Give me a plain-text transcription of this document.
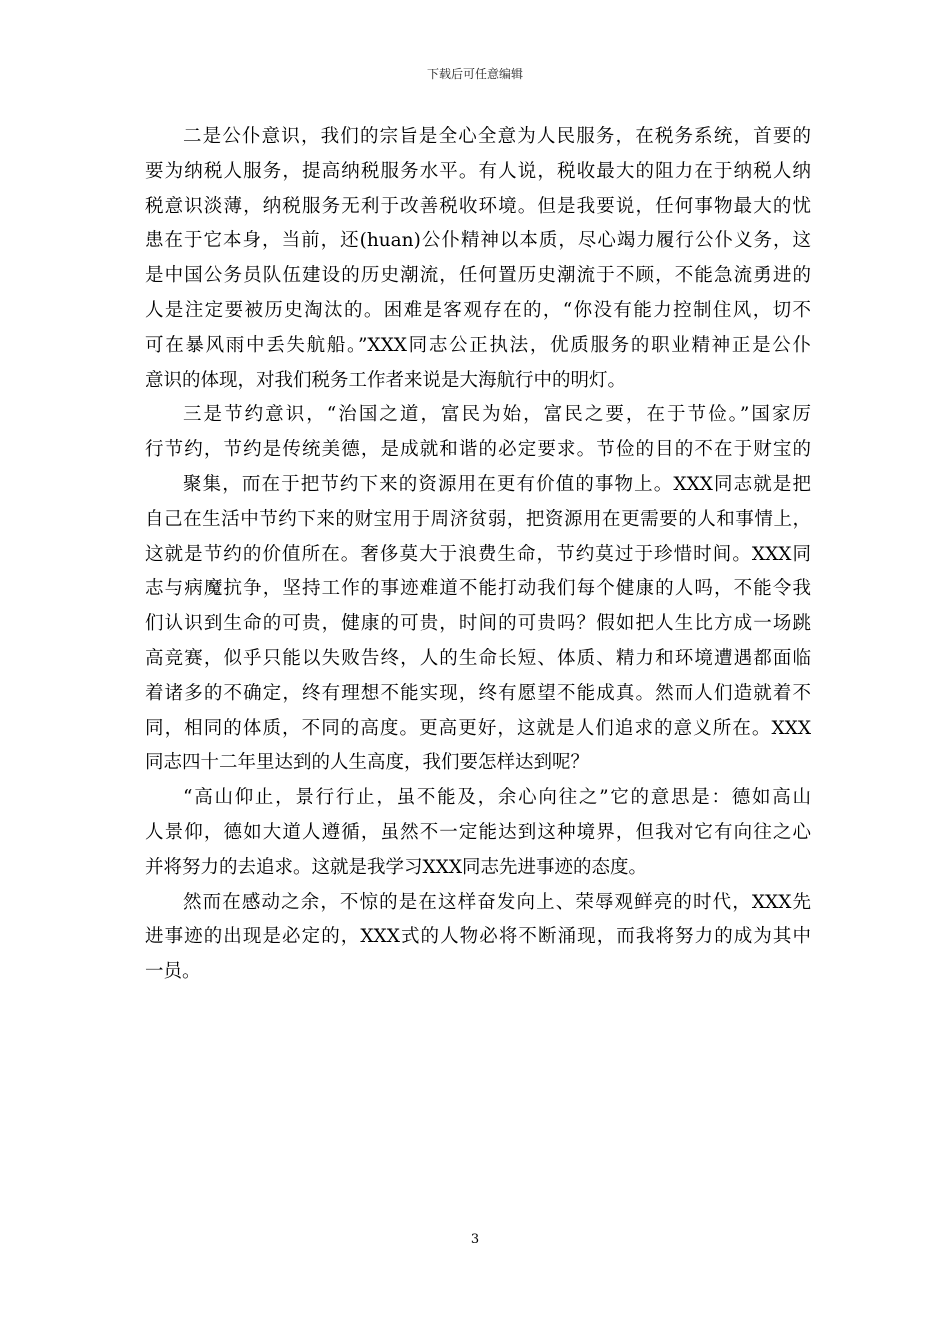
下载后可任意编辑
二是公仆意识，我们的宗旨是全心全意为人民服务，在税务系统，首要的
要为纳税人服务，提高纳税服务水平。有人说，税收最大的阻力在于纳税人纳
税意识淡薄，纳税服务无利于改善税收环境。但是我要说，任何事物最大的忧
患在于它本身，当前，还(huan)公仆精神以本质，尽心竭力履行公仆义务，这
是中国公务员队伍建设的历史潮流，任何置历史潮流于不顾，不能急流勇进的
人是注定要被历史淘汰的。困难是客观存在的，“你没有能力控制住风，切不
可在暴风雨中丢失航船。”XXX同志公正执法，优质服务的职业精神正是公仆
意识的体现，对我们税务工作者来说是大海航行中的明灯。
三是节约意识，“治国之道，富民为始，富民之要，在于节俭。”国家厉
行节约，节约是传统美德，是成就和谐的必定要求。节俭的目的不在于财宝的
聚集，而在于把节约下来的资源用在更有价值的事物上。XXX同志就是把
自己在生活中节约下来的财宝用于周济贫弱，把资源用在更需要的人和事情上，
这就是节约的价值所在。奢侈莫大于浪费生命，节约莫过于珍惜时间。XXX同
志与病魔抗争，坚持工作的事迹难道不能打动我们每个健康的人吗，不能令我
们认识到生命的可贵，健康的可贵，时间的可贵吗？假如把人生比方成一场跳
高竞赛，似乎只能以失败告终，人的生命长短、体质、精力和环境遭遇都面临
着诸多的不确定，终有理想不能实现，终有愿望不能成真。然而人们造就着不
同，相同的体质，不同的高度。更高更好，这就是人们追求的意义所在。XXX
同志四十二年里达到的人生高度，我们要怎样达到呢？
“高山仰止，景行行止，虽不能及，余心向往之”它的意思是：德如高山
人景仰，德如大道人遵循，虽然不一定能达到这种境界，但我对它有向往之心
并将努力的去追求。这就是我学习XXX同志先进事迹的态度。
然而在感动之余，不惊的是在这样奋发向上、荣辱观鲜亮的时代，XXX先
进事迹的出现是必定的，XXX式的人物必将不断涌现，而我将努力的成为其中
一员。
3
